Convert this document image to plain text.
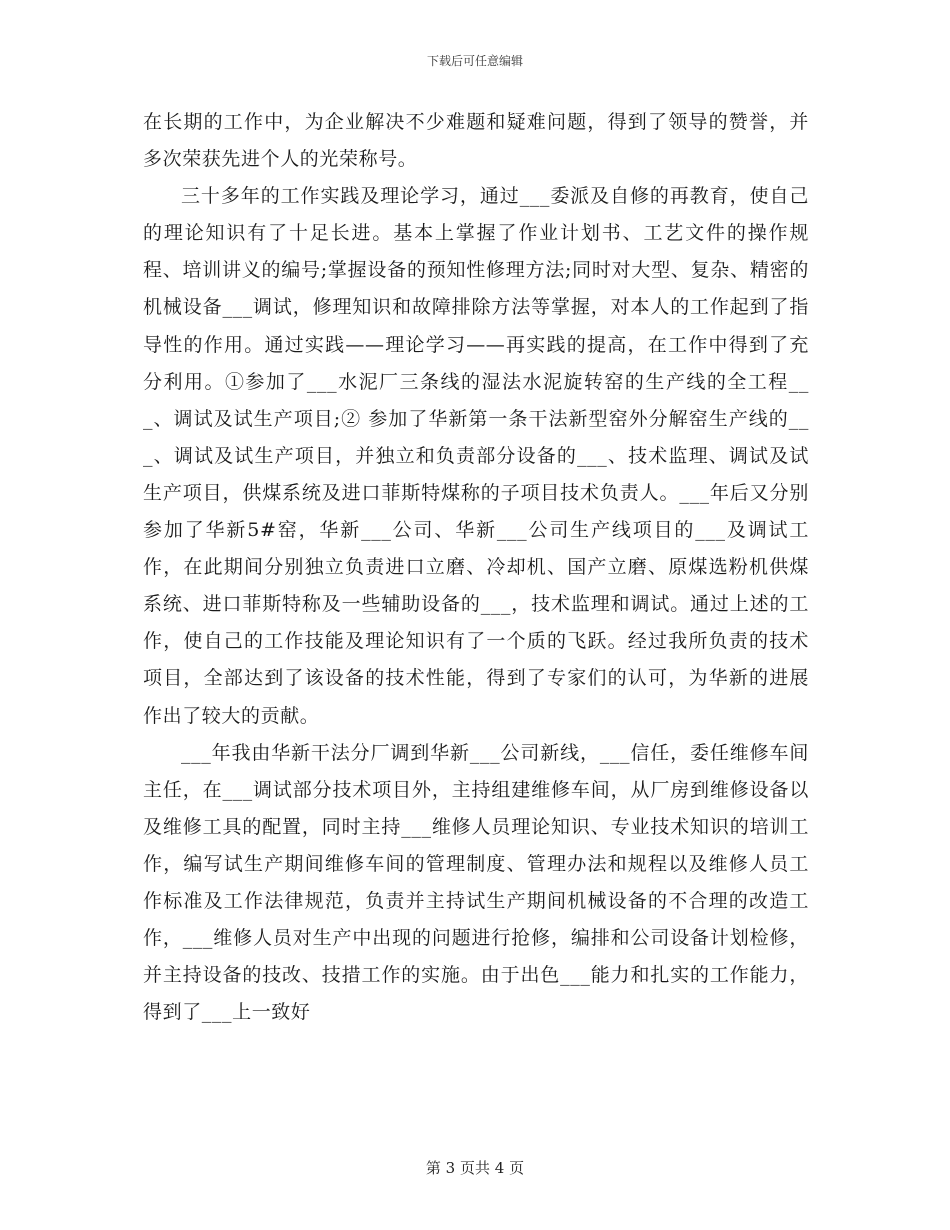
下载后可任意编辑

在长期的工作中，为企业解决不少难题和疑难问题，得到了领导的赞誉，并多次荣获先进个人的光荣称号。

三十多年的工作实践及理论学习，通过___委派及自修的再教育，使自己的理论知识有了十足长进。基本上掌握了作业计划书、工艺文件的操作规程、培训讲义的编号;掌握设备的预知性修理方法;同时对大型、复杂、精密的机械设备___调试，修理知识和故障排除方法等掌握，对本人的工作起到了指导性的作用。通过实践——理论学习——再实践的提高，在工作中得到了充分利用。①参加了___水泥厂三条线的湿法水泥旋转窑的生产线的全工程___、调试及试生产项目;② 参加了华新第一条干法新型窑外分解窑生产线的___、调试及试生产项目，并独立和负责部分设备的___、技术监理、调试及试生产项目，供煤系统及进口菲斯特煤称的子项目技术负责人。___年后又分别参加了华新5#窑，华新___公司、华新___公司生产线项目的___及调试工作，在此期间分别独立负责进口立磨、冷却机、国产立磨、原煤选粉机供煤系统、进口菲斯特称及一些辅助设备的___，技术监理和调试。通过上述的工作，使自己的工作技能及理论知识有了一个质的飞跃。经过我所负责的技术项目，全部达到了该设备的技术性能，得到了专家们的认可，为华新的进展作出了较大的贡献。

___年我由华新干法分厂调到华新___公司新线，___信任，委任维修车间主任，在___调试部分技术项目外，主持组建维修车间，从厂房到维修设备以及维修工具的配置，同时主持___维修人员理论知识、专业技术知识的培训工作，编写试生产期间维修车间的管理制度、管理办法和规程以及维修人员工作标准及工作法律规范，负责并主持试生产期间机械设备的不合理的改造工作，___维修人员对生产中出现的问题进行抢修，编排和公司设备计划检修，并主持设备的技改、技措工作的实施。由于出色___能力和扎实的工作能力，得到了___上一致好

第 3 页共 4 页
